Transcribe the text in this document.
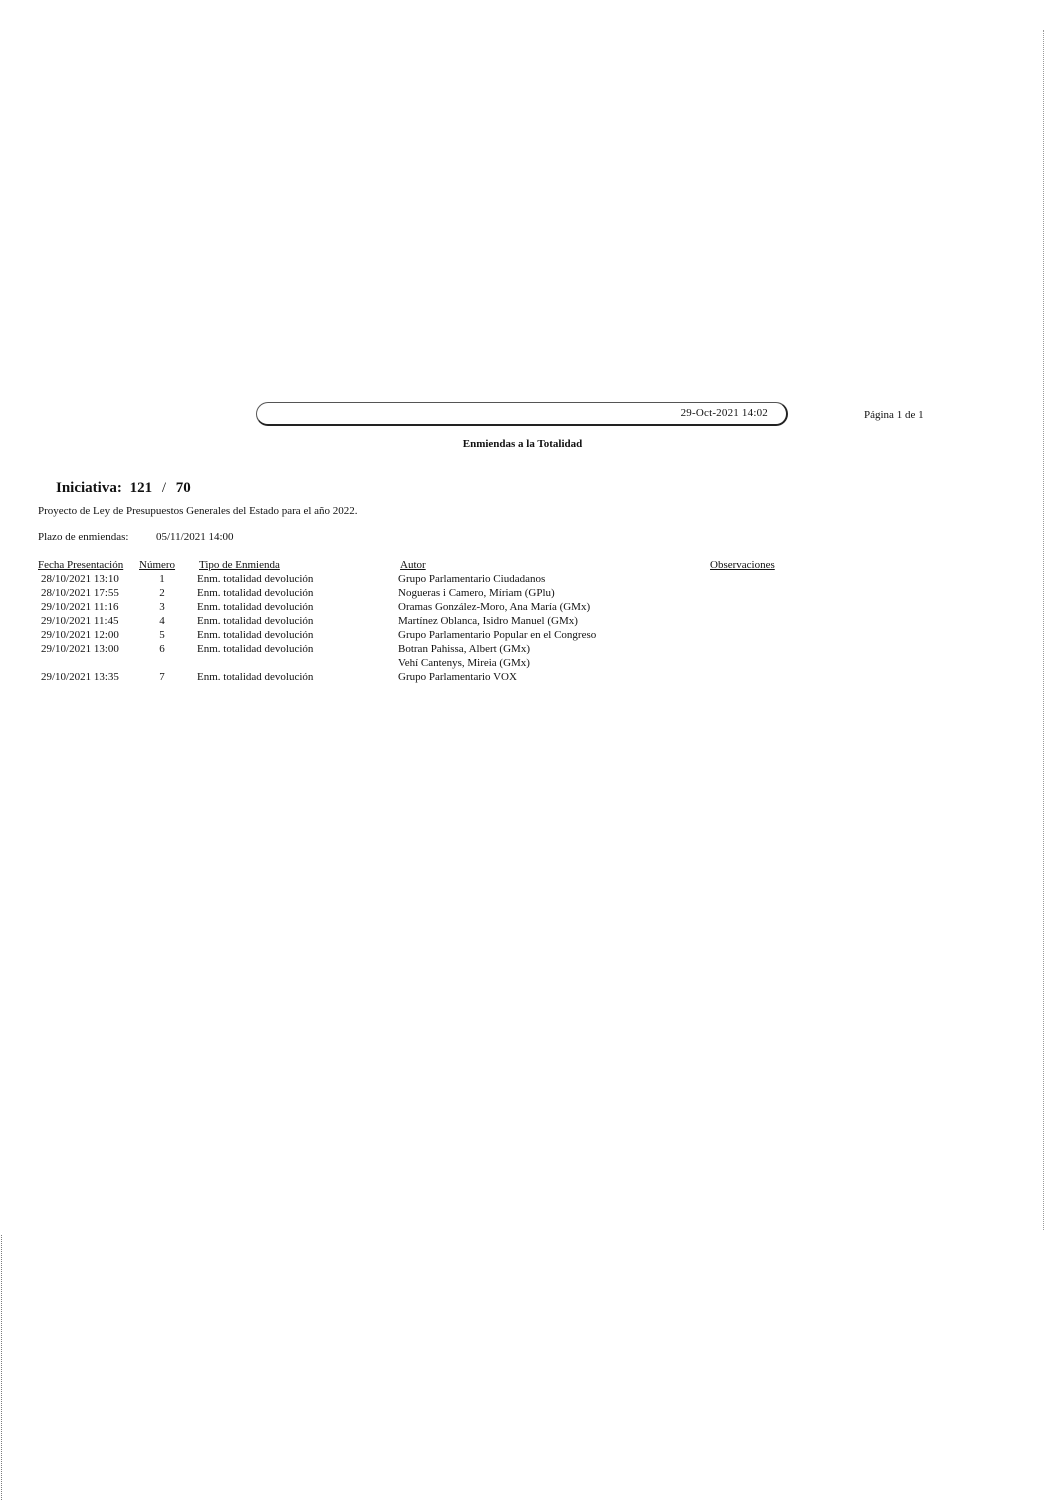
29-Oct-2021 14:02	Página 1 de 1
Enmiendas a la Totalidad
Iniciativa: 121 / 70
Proyecto de Ley de Presupuestos Generales del Estado para el año 2022.
Plazo de enmiendas:	05/11/2021 14:00
Fecha Presentación Número Tipo de Enmienda	Autor	Observaciones
28/10/2021 13:10	1	Enm. totalidad devolución	Grupo Parlamentario Ciudadanos
28/10/2021 17:55	2	Enm. totalidad devolución	Nogueras i Camero, Míriam (GPlu)
29/10/2021 11:16	3	Enm. totalidad devolución	Oramas González-Moro, Ana María (GMx)
29/10/2021 11:45	4	Enm. totalidad devolución	Martínez Oblanca, Isidro Manuel (GMx)
29/10/2021 12:00	5	Enm. totalidad devolución	Grupo Parlamentario Popular en el Congreso
29/10/2021 13:00	6	Enm. totalidad devolución	Botran Pahissa, Albert (GMx)
Vehí Cantenys, Mireia (GMx)
29/10/2021 13:35	7	Enm. totalidad devolución	Grupo Parlamentario VOX
